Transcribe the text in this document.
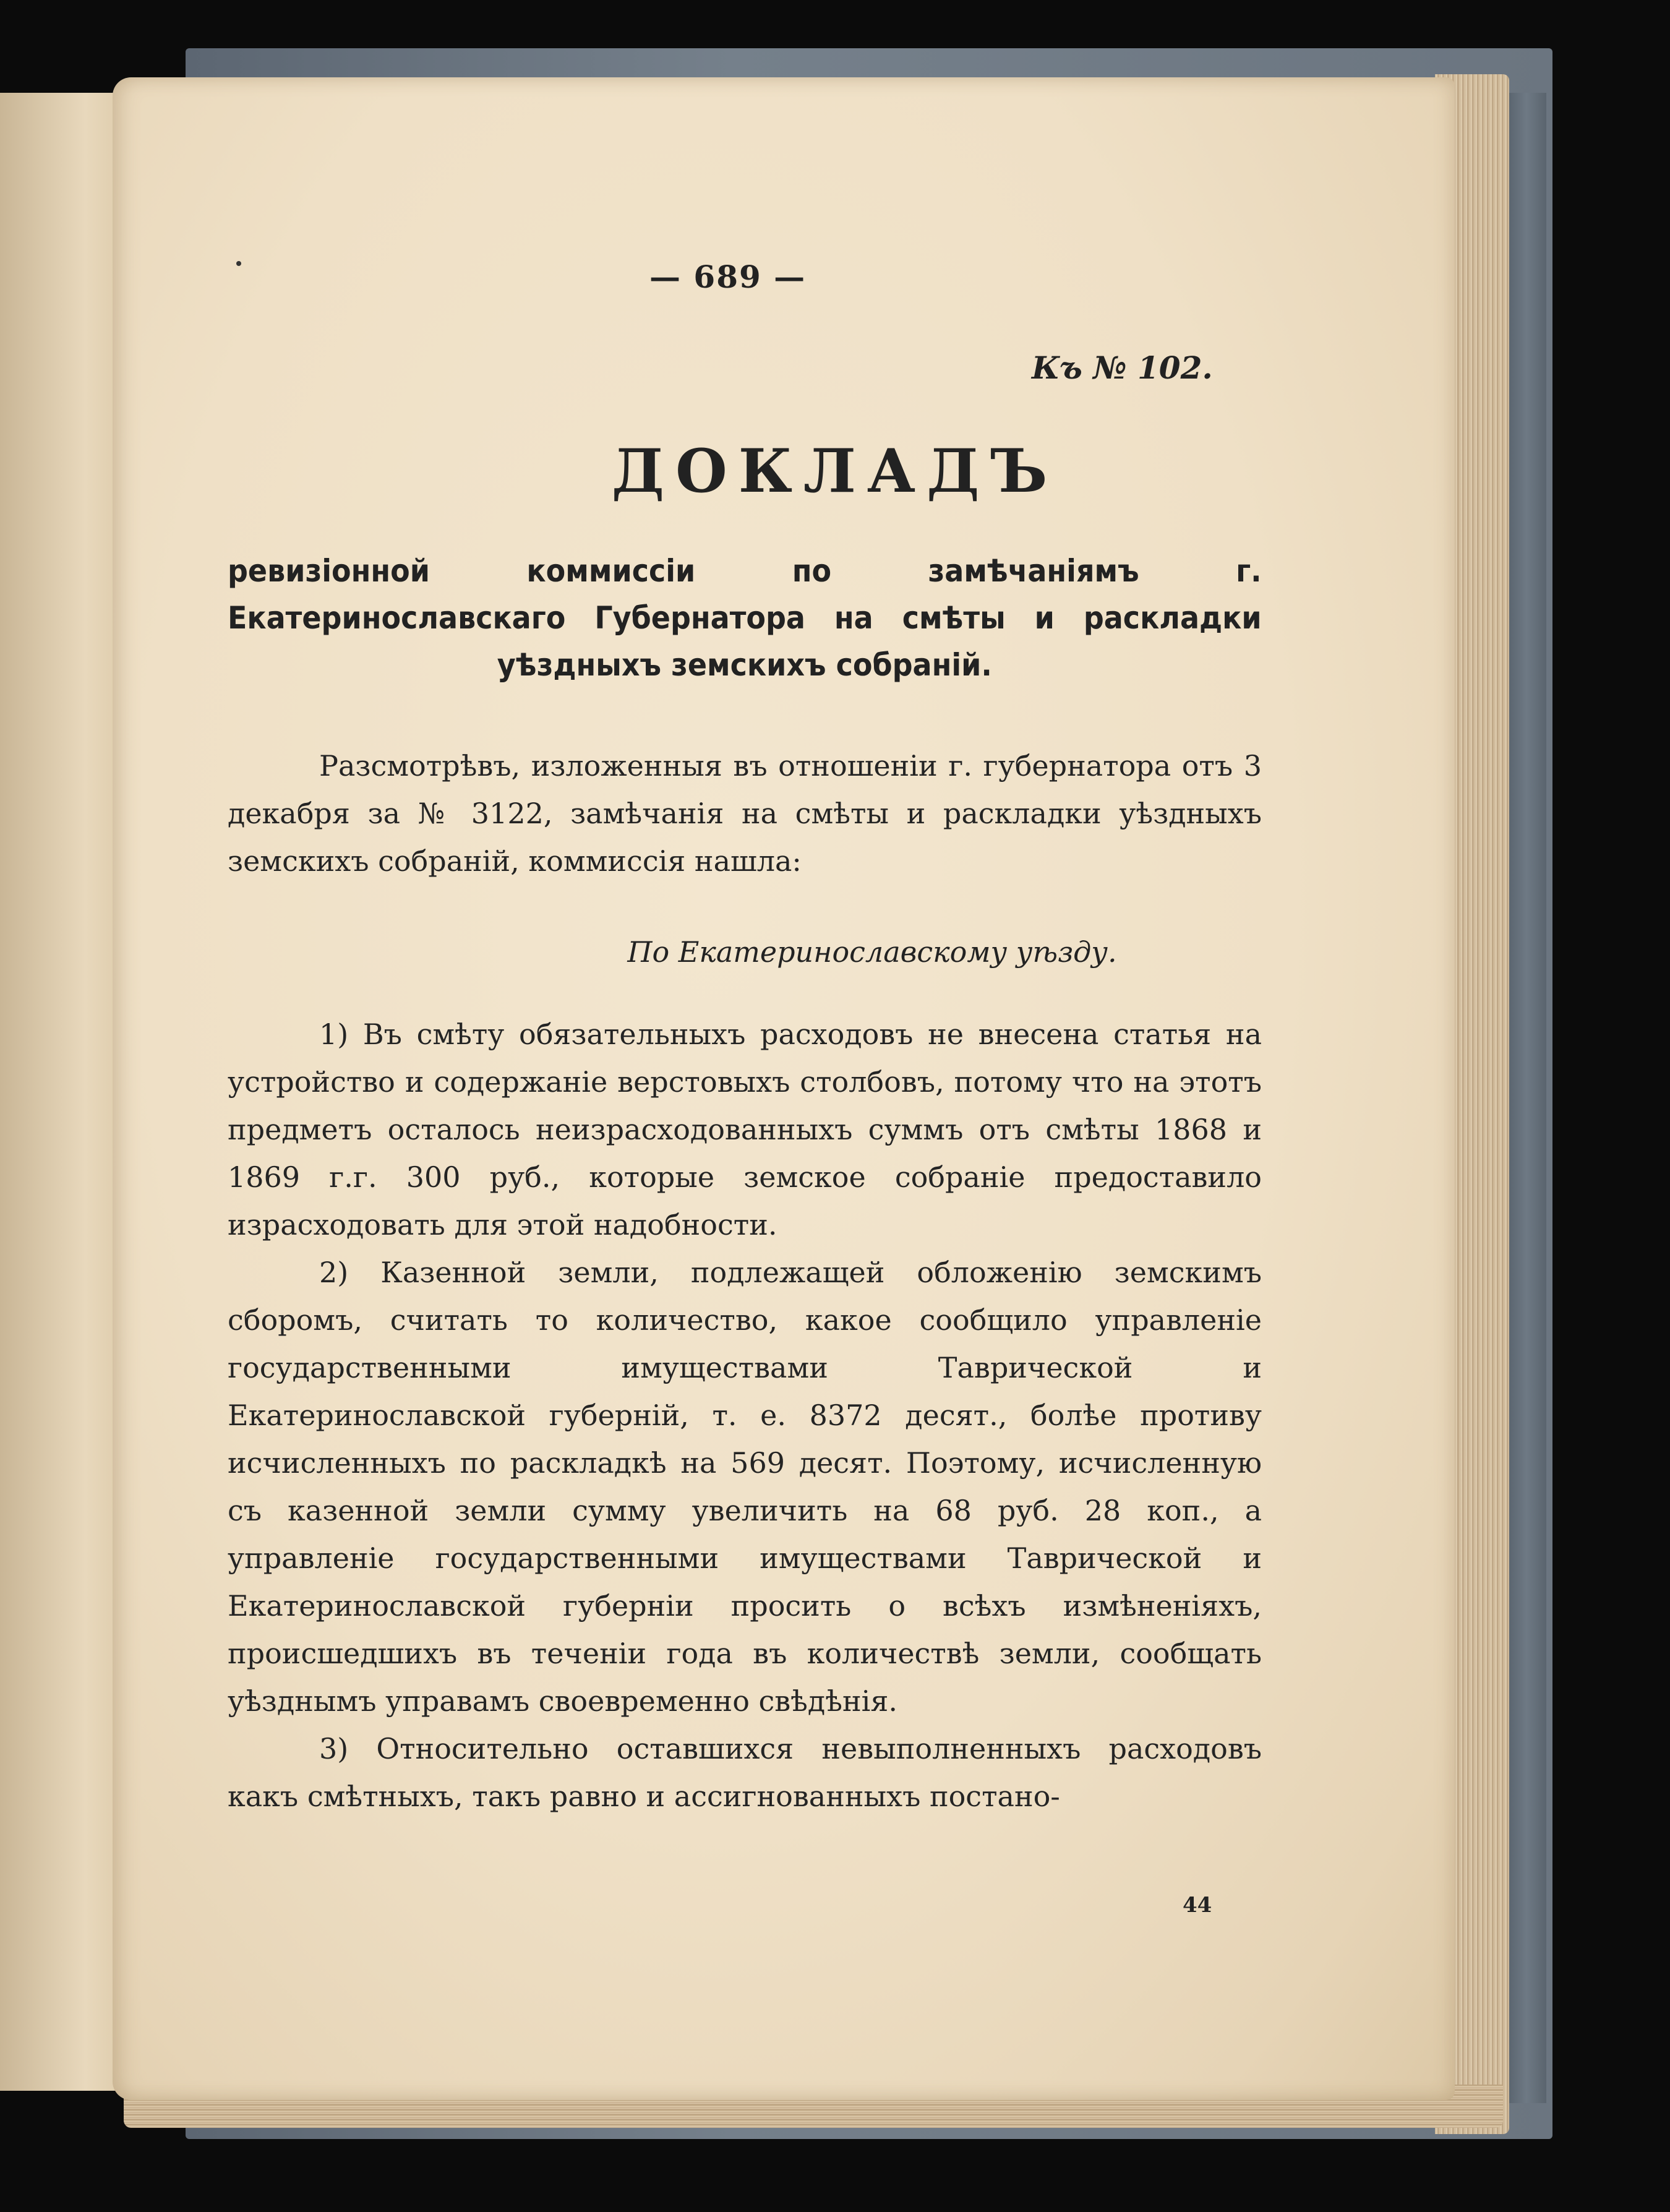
— 689 —
Къ № 102.
ДОКЛАДЪ
ревизіонной коммиссіи по замѣчаніямъ г. Екатеринославскаго Губернатора на смѣты и раскладки уѣздныхъ земскихъ собраній.

Разсмотрѣвъ, изложенныя въ отношеніи г. губернатора отъ 3 декабря за № 3122, замѣчанія на смѣты и раскладки уѣздныхъ земскихъ собраній, коммиссія нашла:

По Екатеринославскому уѣзду.

1) Въ смѣту обязательныхъ расходовъ не внесена статья на устройство и содержаніе верстовыхъ столбовъ, потому что на этотъ предметъ осталось неизрасходованныхъ суммъ отъ смѣты 1868 и 1869 г.г. 300 руб., которые земское собраніе предоставило израсходовать для этой надобности.

2) Казенной земли, подлежащей обложенію земскимъ сборомъ, считать то количество, какое сообщило управленіе государственными имуществами Таврической и Екатеринославской губерній, т. е. 8372 десят., болѣе противу исчисленныхъ по раскладкѣ на 569 десят. Поэтому, исчисленную съ казенной земли сумму увеличить на 68 руб. 28 коп., а управленіе государственными имуществами Таврической и Екатеринославской губерніи просить о всѣхъ измѣненіяхъ, происшедшихъ въ теченіи года въ количествѣ земли, сообщать уѣзднымъ управамъ своевременно свѣдѣнія.

3) Относительно оставшихся невыполненныхъ расходовъ какъ смѣтныхъ, такъ равно и ассигнованныхъ постано-

44
